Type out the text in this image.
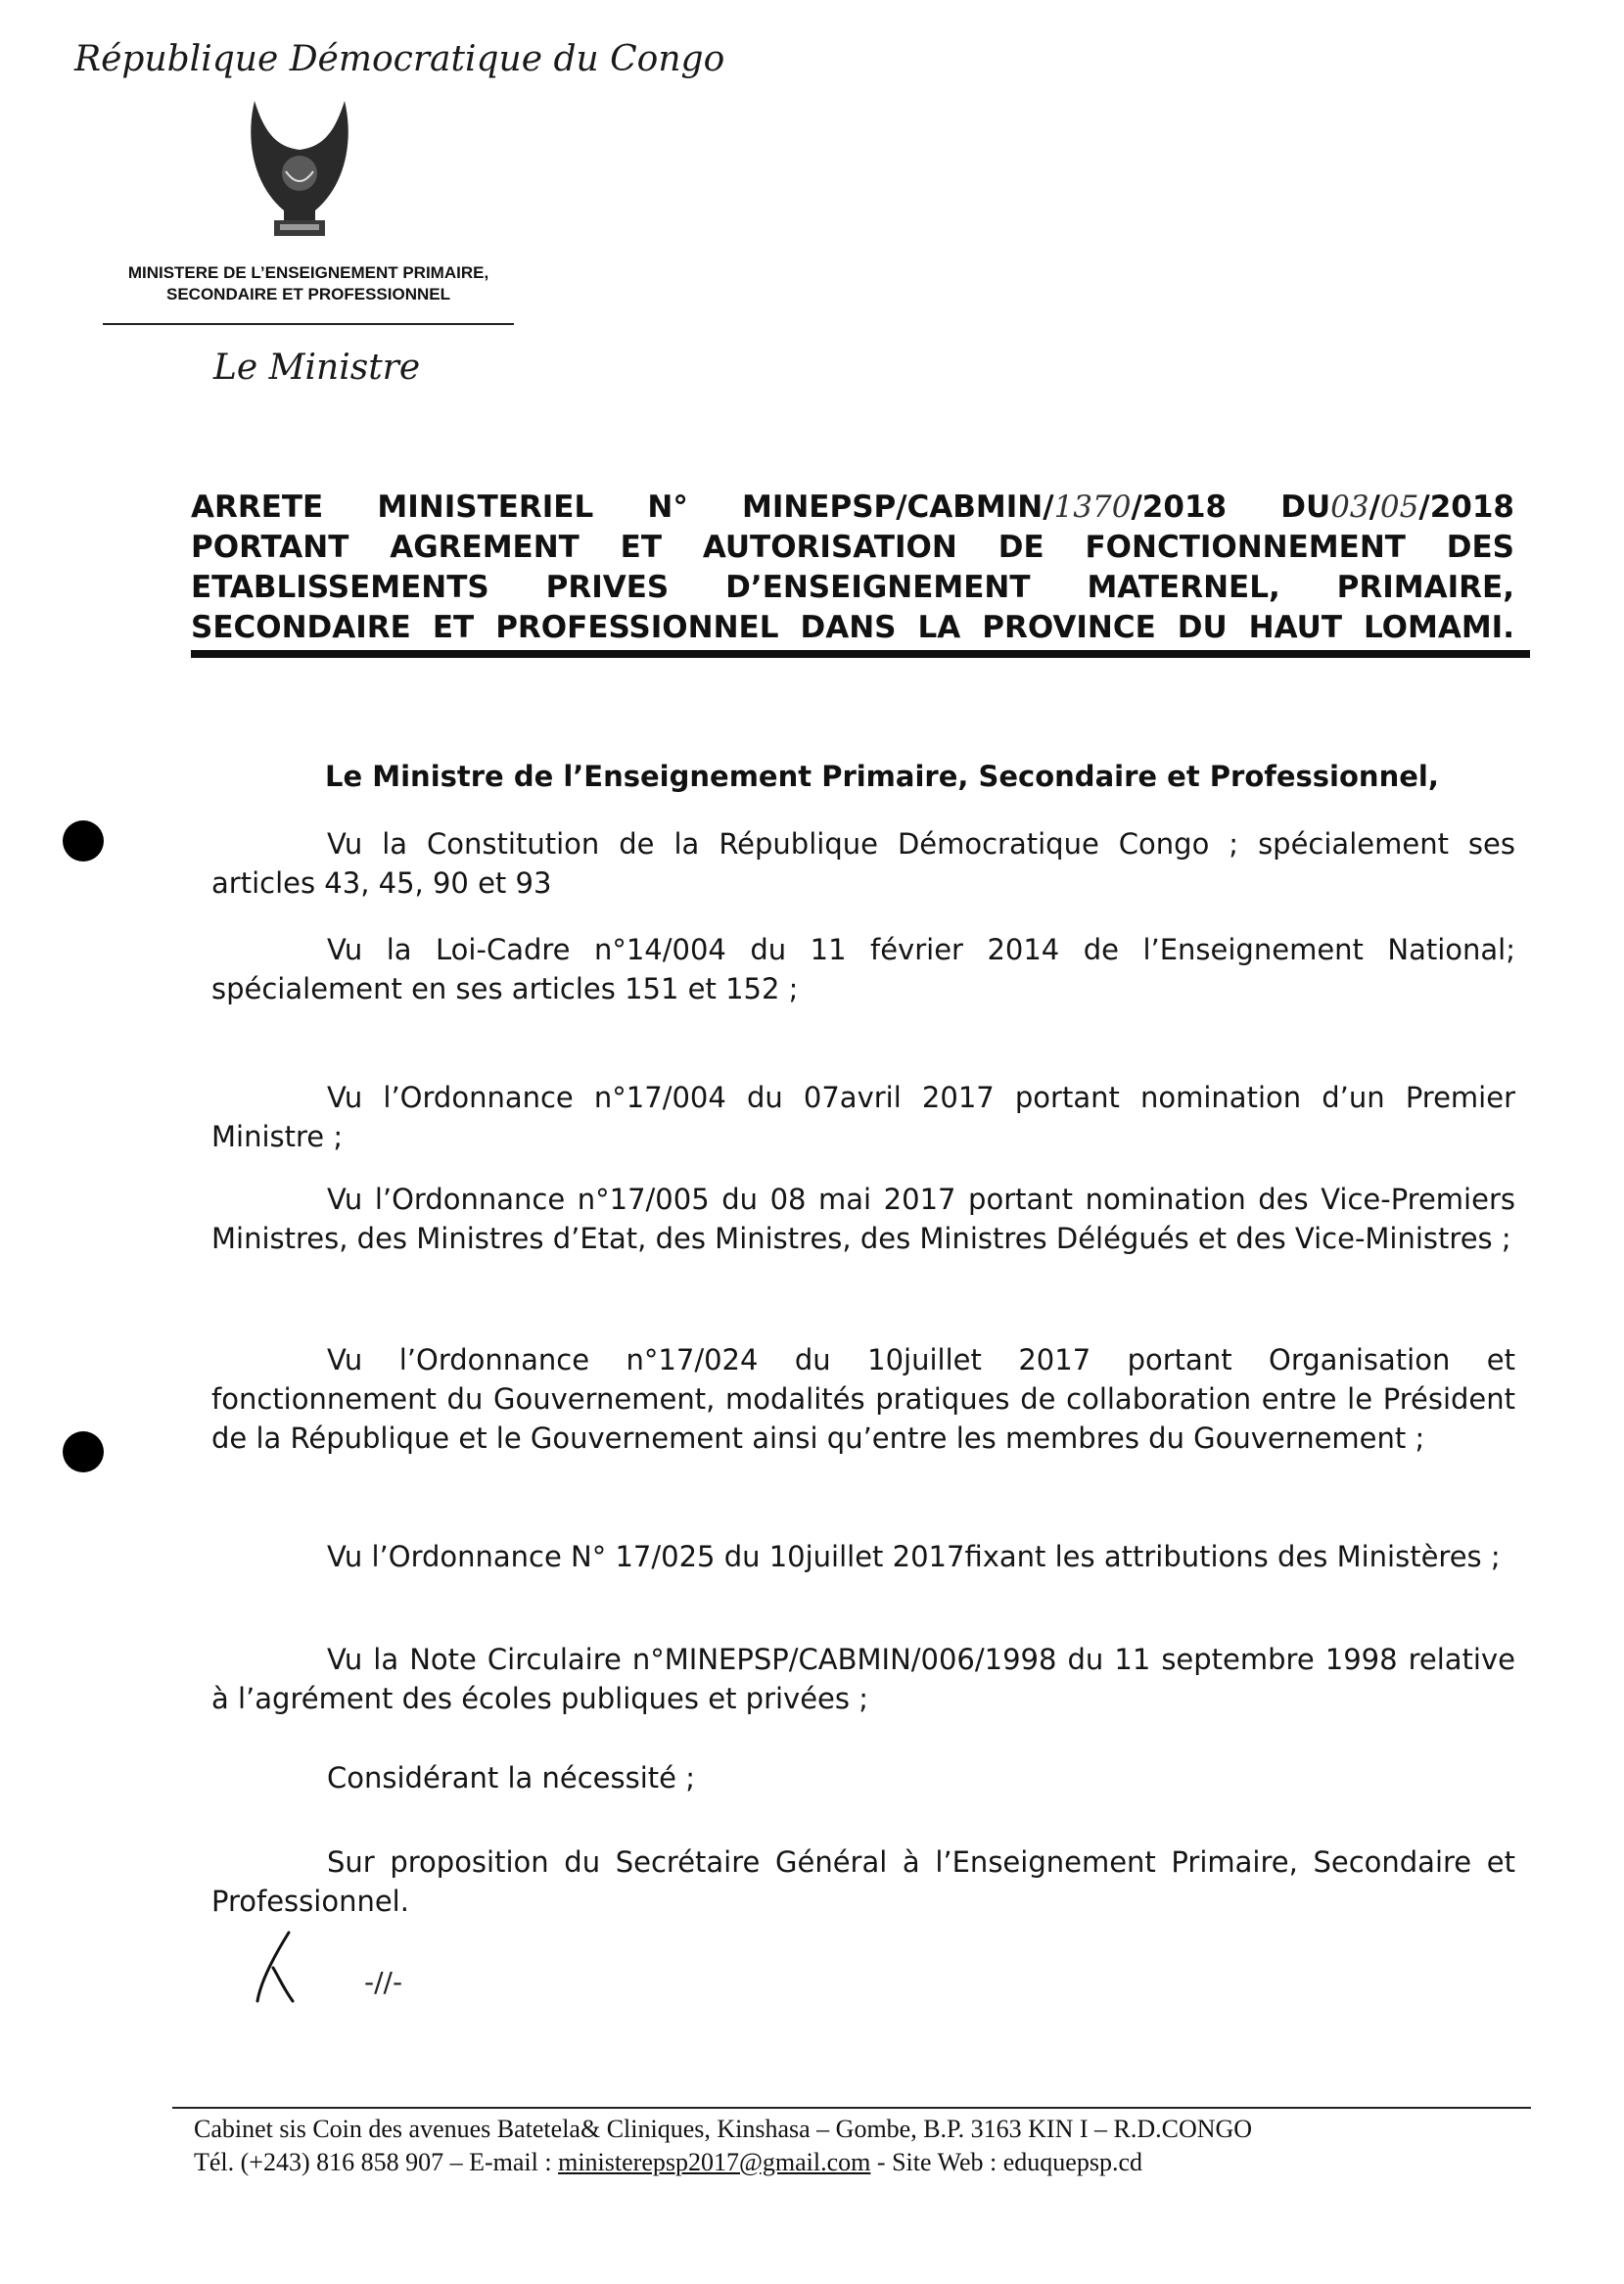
République Démocratique du Congo
MINISTERE DE L’ENSEIGNEMENT PRIMAIRE,
SECONDAIRE ET PROFESSIONNEL
Le Ministre
ARRETE MINISTERIEL N° MINEPSP/CABMIN/1370/2018 DU03/05/2018
PORTANT AGREMENT ET AUTORISATION DE FONCTIONNEMENT DES
ETABLISSEMENTS PRIVES D’ENSEIGNEMENT MATERNEL, PRIMAIRE,
SECONDAIRE ET PROFESSIONNEL DANS LA PROVINCE DU HAUT LOMAMI.
Le Ministre de l’Enseignement Primaire, Secondaire et Professionnel,
Vu la Constitution de la République Démocratique Congo ; spécialement ses articles 43, 45, 90 et 93
Vu la Loi-Cadre n°14/004 du 11 février 2014 de l’Enseignement National; spécialement en ses articles 151 et 152 ;
Vu l’Ordonnance n°17/004 du 07avril 2017 portant nomination d’un Premier Ministre ;
Vu l’Ordonnance n°17/005 du 08 mai 2017 portant nomination des Vice-Premiers Ministres, des Ministres d’Etat, des Ministres, des Ministres Délégués et des Vice-Ministres ;
Vu l’Ordonnance n°17/024 du 10juillet 2017 portant Organisation et fonctionnement du Gouvernement, modalités pratiques de collaboration entre le Président de la République et le Gouvernement ainsi qu’entre les membres du Gouvernement ;
Vu l’Ordonnance N° 17/025 du 10juillet 2017fixant les attributions des Ministères ;
Vu la Note Circulaire n°MINEPSP/CABMIN/006/1998 du 11 septembre 1998 relative à l’agrément des écoles publiques et privées ;
Considérant la nécessité ;
Sur proposition du Secrétaire Général à l’Enseignement Primaire, Secondaire et Professionnel.
-//-
Cabinet sis Coin des avenues Batetela& Cliniques, Kinshasa – Gombe, B.P. 3163 KIN I – R.D.CONGO
Tél. (+243) 816 858 907 – E-mail : ministerepsp2017@gmail.com - Site Web : eduquepsp.cd
